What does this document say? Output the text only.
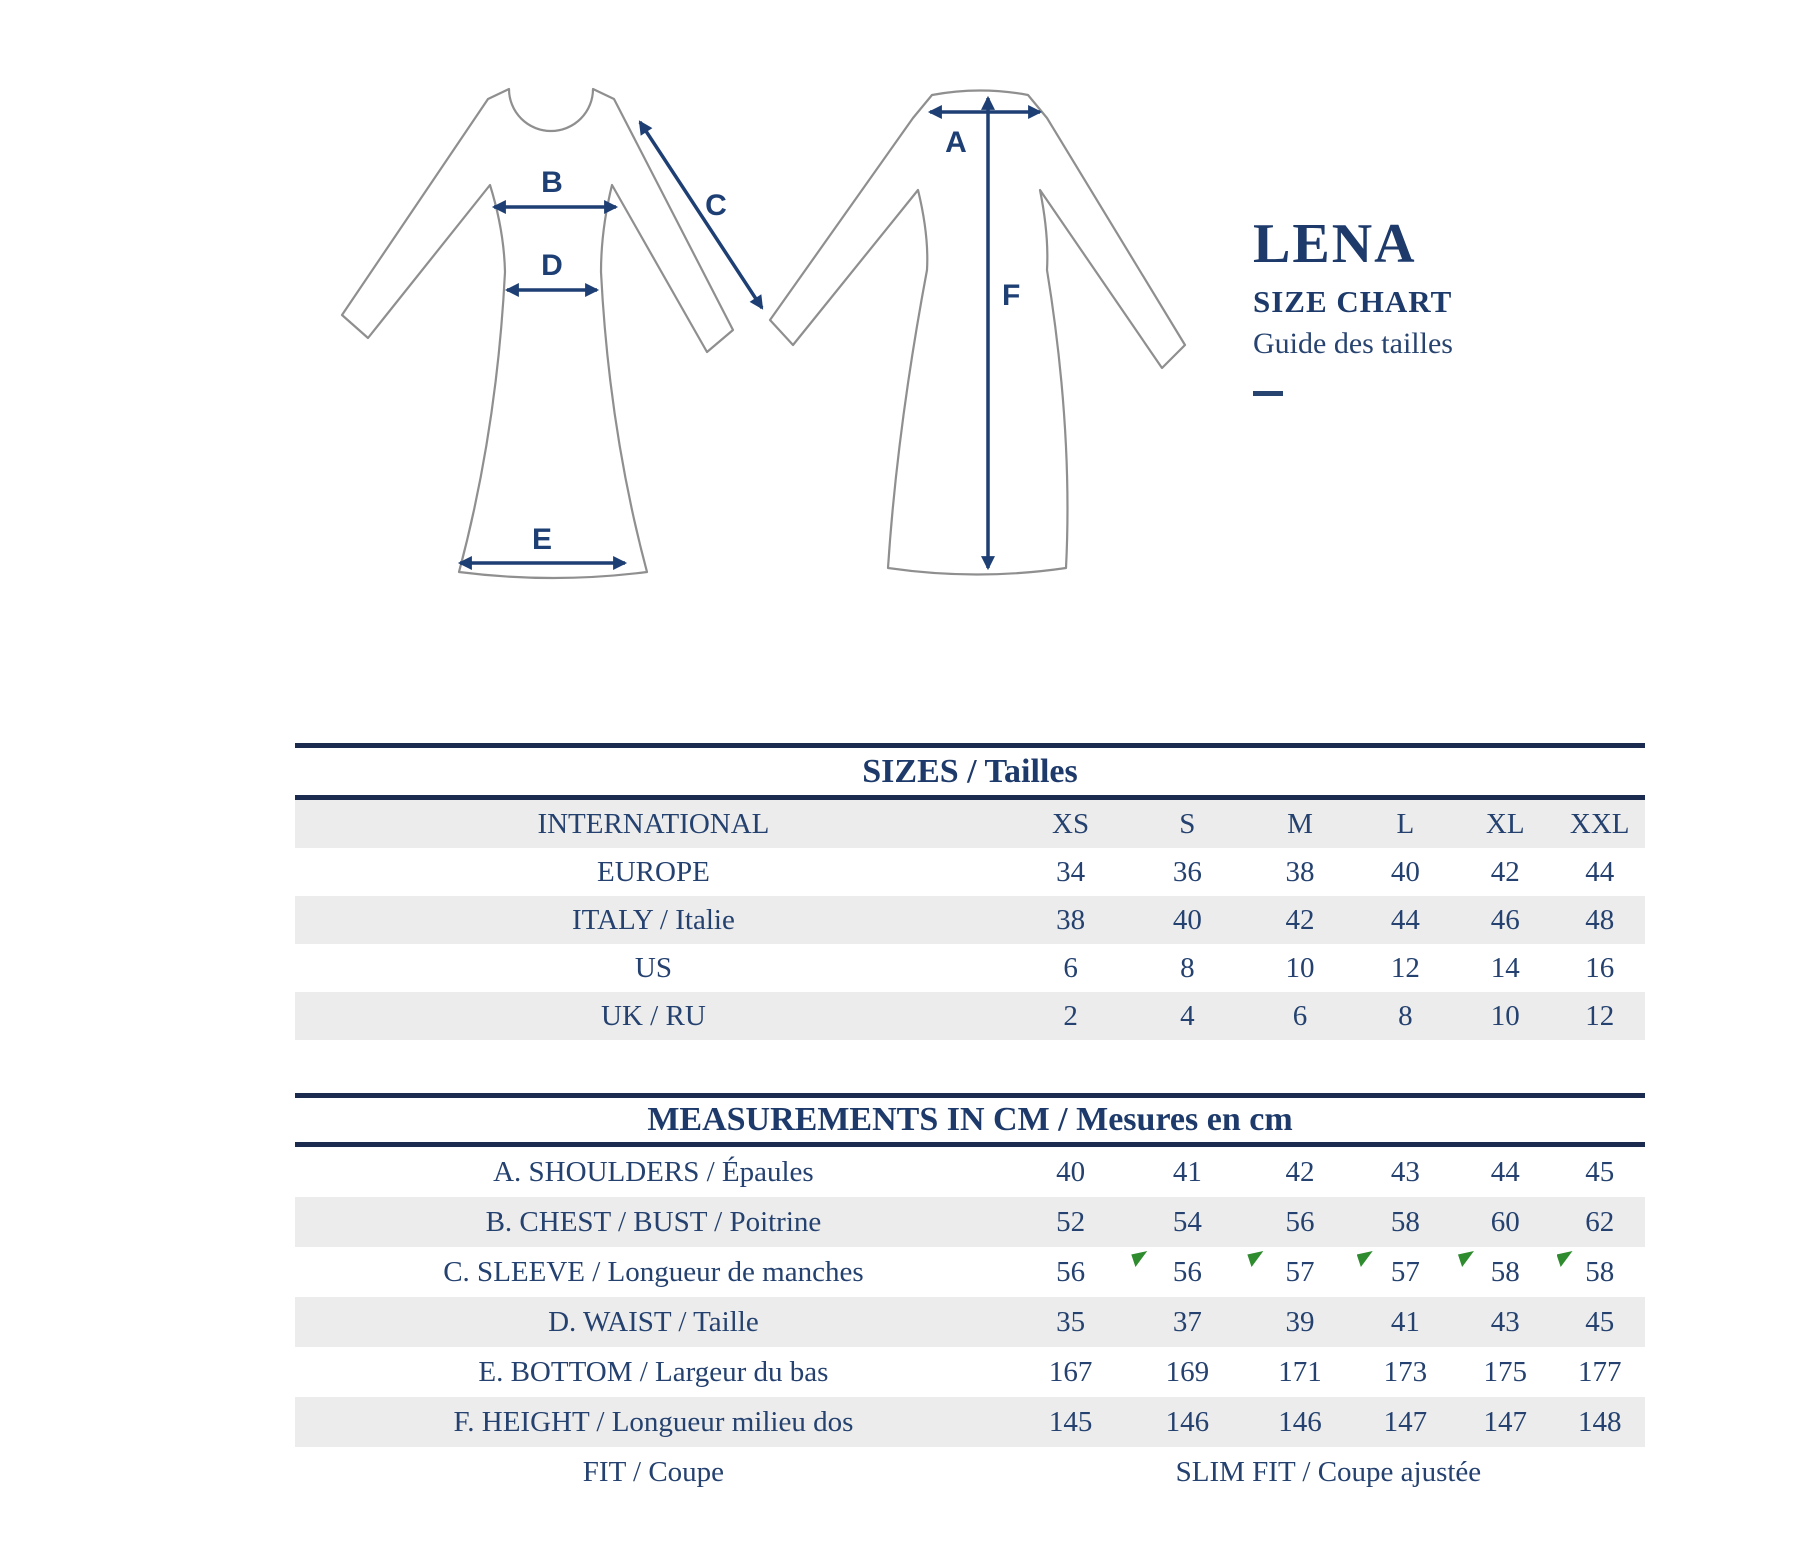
B
D
E
C
A
F
LENA
SIZE CHART
Guide des tailles
SIZES / Tailles
INTERNATIONAL	XS	S	M	L	XL	XXL
EUROPE	34	36	38	40	42	44
ITALY / Italie	38	40	42	44	46	48
US	6	8	10	12	14	16
UK / RU	2	4	6	8	10	12
MEASUREMENTS IN CM / Mesures en cm
A. SHOULDERS / Épaules	40	41	42	43	44	45
B. CHEST / BUST / Poitrine	52	54	56	58	60	62
C. SLEEVE / Longueur de manches	56	56	57	57	58	58
D. WAIST / Taille	35	37	39	41	43	45
E. BOTTOM / Largeur du bas	167	169	171	173	175	177
F. HEIGHT / Longueur milieu dos	145	146	146	147	147	148
FIT / Coupe	SLIM FIT / Coupe ajustée
